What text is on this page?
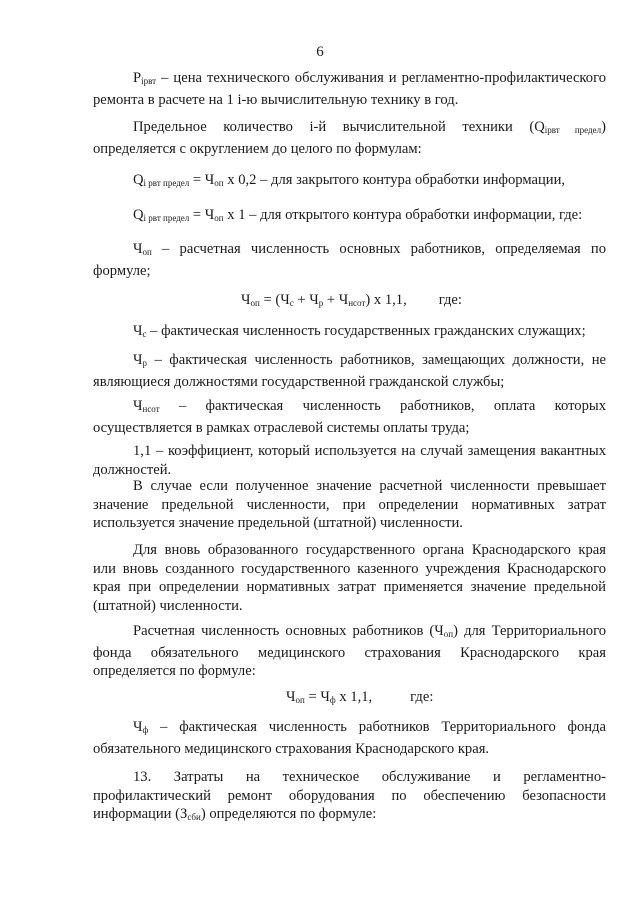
6

$P_{iрвт}$ – цена технического обслуживания и регламентно-профилактического ремонта в расчете на 1 i-ю вычислительную технику в год.

Предельное количество i-й вычислительной техники $(Q_{iрвт предел})$ определяется с округлением до целого по формулам:

$Q_{i рвт предел} = Ч_{оп}$ x 0,2 – для закрытого контура обработки информации,
$Q_{i рвт предел} = Ч_{оп}$ x 1 – для открытого контура обработки информации, где:

$Ч_{оп}$ – расчетная численность основных работников, определяемая по формуле;

$Ч_{оп} = (Ч_с + Ч_р + Ч_{нсот})$ x 1,1, где:

$Ч_с$ – фактическая численность государственных гражданских служащих;

$Ч_р$ – фактическая численность работников, замещающих должности, не являющиеся должностями государственной гражданской службы;

$Ч_{нсот}$ – фактическая численность работников, оплата которых осуществляется в рамках отраслевой системы оплаты труда;

1,1 – коэффициент, который используется на случай замещения вакантных должностей.

В случае если полученное значение расчетной численности превышает значение предельной численности, при определении нормативных затрат используется значение предельной (штатной) численности.

Для вновь образованного государственного органа Краснодарского края или вновь созданного государственного казенного учреждения Краснодарского края при определении нормативных затрат применяется значение предельной (штатной) численности.

Расчетная численность основных работников $(Ч_{оп})$ для Территориального фонда обязательного медицинского страхования Краснодарского края определяется по формуле:

$Ч_{оп} = Ч_ф$ x 1,1,	где:

$Ч_ф$ – фактическая численность работников Территориального фонда обязательного медицинского страхования Краснодарского края.

13. Затраты на техническое обслуживание и регламентно-профилактический ремонт оборудования по обеспечению безопасности информации $(З_{сби})$ определяются по формуле:
